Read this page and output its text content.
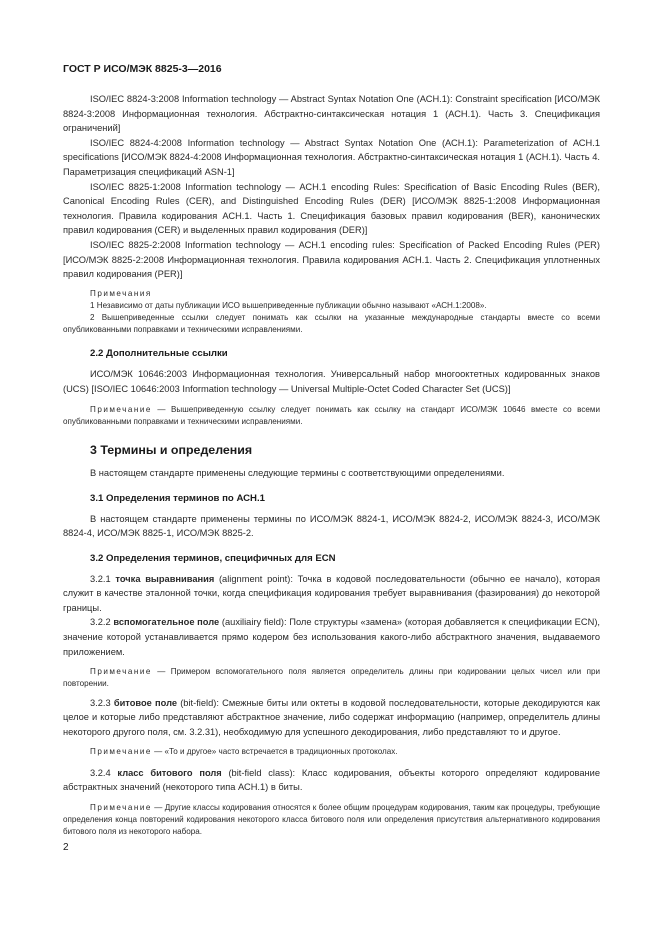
ГОСТ Р ИСО/МЭК 8825-3—2016

ISO/IEC 8824-3:2008 Information technology — Abstract Syntax Notation One (АСН.1): Constraint specification [ИСО/МЭК 8824-3:2008 Информационная технология. Абстрактно-синтаксическая нотация 1 (АСН.1). Часть 3. Спецификация ограничений]

ISO/IEC 8824-4:2008 Information technology — Abstract Syntax Notation One (АСН.1): Parameterization of АСН.1 specifications [ИСО/МЭК 8824-4:2008 Информационная технология. Абстрактно-синтаксическая нотация 1 (АСН.1). Часть 4. Параметризация спецификаций ASN-1]

ISO/IEC 8825-1:2008 Information technology — АСН.1 encoding Rules: Specification of Basic Encoding Rules (BER), Canonical Encoding Rules (CER), and Distinguished Encoding Rules (DER) [ИСО/МЭК 8825-1:2008 Информационная технология. Правила кодирования АСН.1. Часть 1. Спецификация базовых правил кодирования (BER), канонических правил кодирования (CER) и выделенных правил кодирования (DER)]

ISO/IEC 8825-2:2008 Information technology — АСН.1 encoding rules: Specification of Packed Encoding Rules (PER) [ИСО/МЭК 8825-2:2008 Информационная технология. Правила кодирования АСН.1. Часть 2. Спецификация уплотненных правил кодирования (PER)]

Примечания

1 Независимо от даты публикации ИСО вышеприведенные публикации обычно называют «АСН.1:2008».

2 Вышеприведенные ссылки следует понимать как ссылки на указанные международные стандарты вместе со всеми опубликованными поправками и техническими исправлениями.

2.2 Дополнительные ссылки

ИСО/МЭК 10646:2003 Информационная технология. Универсальный набор многооктетных кодированных знаков (UCS) [ISO/IEC 10646:2003 Information technology — Universal Multiple-Octet Coded Character Set (UCS)]

Примечание — Вышеприведенную ссылку следует понимать как ссылку на стандарт ИСО/МЭК 10646 вместе со всеми опубликованными поправками и техническими исправлениями.

3 Термины и определения

В настоящем стандарте применены следующие термины с соответствующими определениями.

3.1 Определения терминов по АСН.1

В настоящем стандарте применены термины по ИСО/МЭК 8824-1, ИСО/МЭК 8824-2, ИСО/МЭК 8824-3, ИСО/МЭК 8824-4, ИСО/МЭК 8825-1, ИСО/МЭК 8825-2.

3.2 Определения терминов, специфичных для ECN

3.2.1 точка выравнивания (alignment point): Точка в кодовой последовательности (обычно ее начало), которая служит в качестве эталонной точки, когда спецификация кодирования требует выравнивания (фазирования) до некоторой границы.

3.2.2 вспомогательное поле (auxiliairy field): Поле структуры «замена» (которая добавляется к спецификации ECN), значение которой устанавливается прямо кодером без использования какого-либо абстрактного значения, выдаваемого приложением.

Примечание — Примером вспомогательного поля является определитель длины при кодировании целых чисел или при повторении.

3.2.3 битовое поле (bit-field): Смежные биты или октеты в кодовой последовательности, которые декодируются как целое и которые либо представляют абстрактное значение, либо содержат информацию (например, определитель длины некоторого другого поля, см. 3.2.31), необходимую для успешного декодирования, либо представляют то и другое.

Примечание — «То и другое» часто встречается в традиционных протоколах.

3.2.4 класс битового поля (bit-field class): Класс кодирования, объекты которого определяют кодирование абстрактных значений (некоторого типа АСН.1) в биты.

Примечание — Другие классы кодирования относятся к более общим процедурам кодирования, таким как процедуры, требующие определения конца повторений кодирования некоторого класса битового поля или определения присутствия альтернативного кодирования битового поля из некоторого набора.

2
